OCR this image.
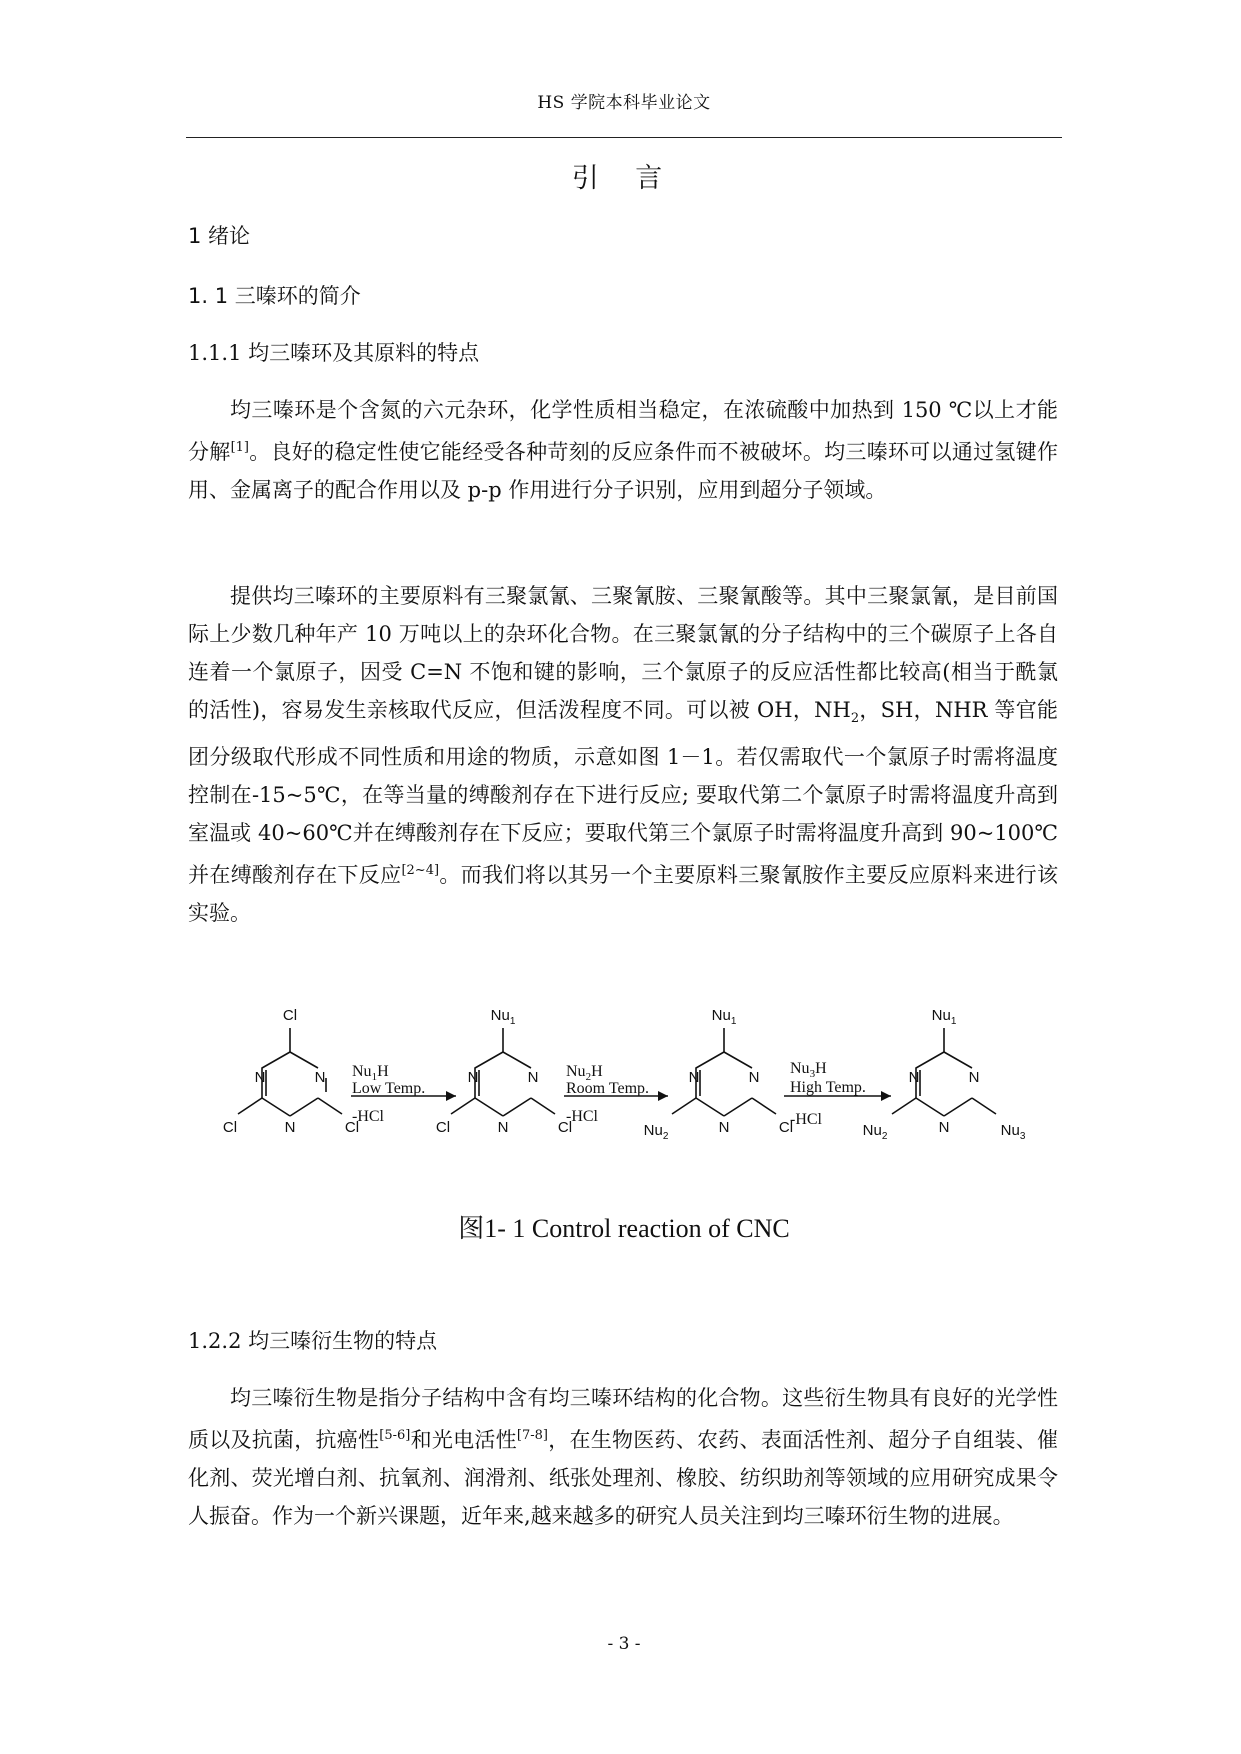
HS 学院本科毕业论文
引 言
1 绪论
1. 1 三嗪环的简介
1.1.1 均三嗪环及其原料的特点

均三嗪环是个含氮的六元杂环，化学性质相当稳定，在浓硫酸中加热到 150 ℃以上才能分解[1]。良好的稳定性使它能经受各种苛刻的反应条件而不被破坏。均三嗪环可以通过氢键作用、金属离子的配合作用以及 p-p 作用进行分子识别，应用到超分子领域。

提供均三嗪环的主要原料有三聚氯氰、三聚氰胺、三聚氰酸等。其中三聚氯氰，是目前国际上少数几种年产 10 万吨以上的杂环化合物。在三聚氯氰的分子结构中的三个碳原子上各自连着一个氯原子，因受 C=N 不饱和键的影响，三个氯原子的反应活性都比较高(相当于酰氯的活性)，容易发生亲核取代反应，但活泼程度不同。可以被 OH，$NH_2$，SH，NHR 等官能团分级取代形成不同性质和用途的物质，示意如图 1－1。若仅需取代一个氯原子时需将温度控制在-15~5℃，在等当量的缚酸剂存在下进行反应; 要取代第二个氯原子时需将温度升高到室温或 40~60℃并在缚酸剂存在下反应；要取代第三个氯原子时需将温度升高到 90~100℃并在缚酸剂存在下反应[2~4]。而我们将以其另一个主要原料三聚氰胺作主要反应原料来进行该实验。

Cl
N
N
N
Cl	Cl
$Nu_1$
N
N
N
Cl	Cl
$Nu_1$
N
N
N
$Nu_2$
Cl
$Nu_1$
N
N
N
$Nu_2$	$Nu_3$
$Nu_1H$
Low Temp.
-HCl
$Nu_2H$
Room Temp.
-HCl
$Nu_3H$
High Temp.
-HCl
图1- 1 Control reaction of CNC
1.2.2 均三嗪衍生物的特点

均三嗪衍生物是指分子结构中含有均三嗪环结构的化合物。这些衍生物具有良好的光学性质以及抗菌，抗癌性[5-6]和光电活性[7-8]，在生物医药、农药、表面活性剂、超分子自组装、催化剂、荧光增白剂、抗氧剂、润滑剂、纸张处理剂、橡胶、纺织助剂等领域的应用研究成果令人振奋。作为一个新兴课题，近年来,越来越多的研究人员关注到均三嗪环衍生物的进展。

- 3 -
